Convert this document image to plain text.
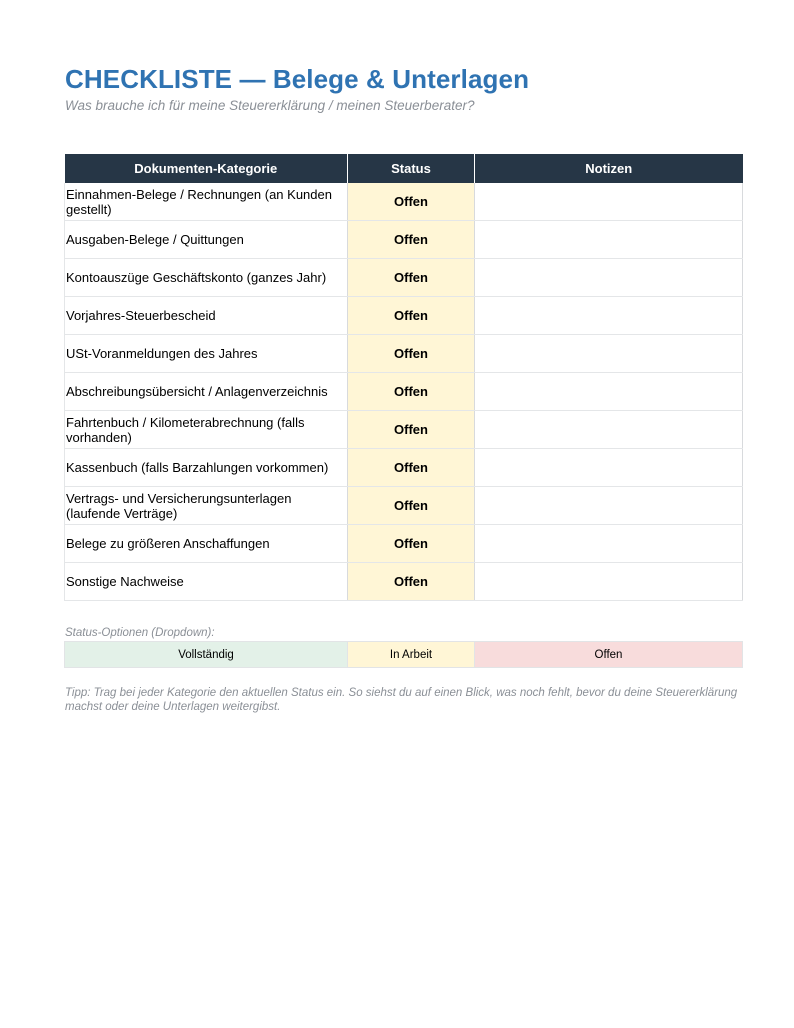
CHECKLISTE — Belege & Unterlagen
Was brauche ich für meine Steuererklärung / meinen Steuerberater?
Dokumenten-Kategorie	Status	Notizen
Einnahmen-Belege / Rechnungen (an Kunden gestellt)	Offen	
Ausgaben-Belege / Quittungen	Offen	
Kontoauszüge Geschäftskonto (ganzes Jahr)	Offen	
Vorjahres-Steuerbescheid	Offen	
USt-Voranmeldungen des Jahres	Offen	
Abschreibungsübersicht / Anlagenverzeichnis	Offen	
Fahrtenbuch / Kilometerabrechnung (falls vorhanden)	Offen	
Kassenbuch (falls Barzahlungen vorkommen)	Offen	
Vertrags- und Versicherungsunterlagen (laufende Verträge)	Offen	
Belege zu größeren Anschaffungen	Offen	
Sonstige Nachweise	Offen	
Status-Optionen (Dropdown):
Vollständig	In Arbeit	Offen
Tipp: Trag bei jeder Kategorie den aktuellen Status ein. So siehst du auf einen Blick, was noch fehlt, bevor du deine Steuererklärung machst oder deine Unterlagen weitergibst.
